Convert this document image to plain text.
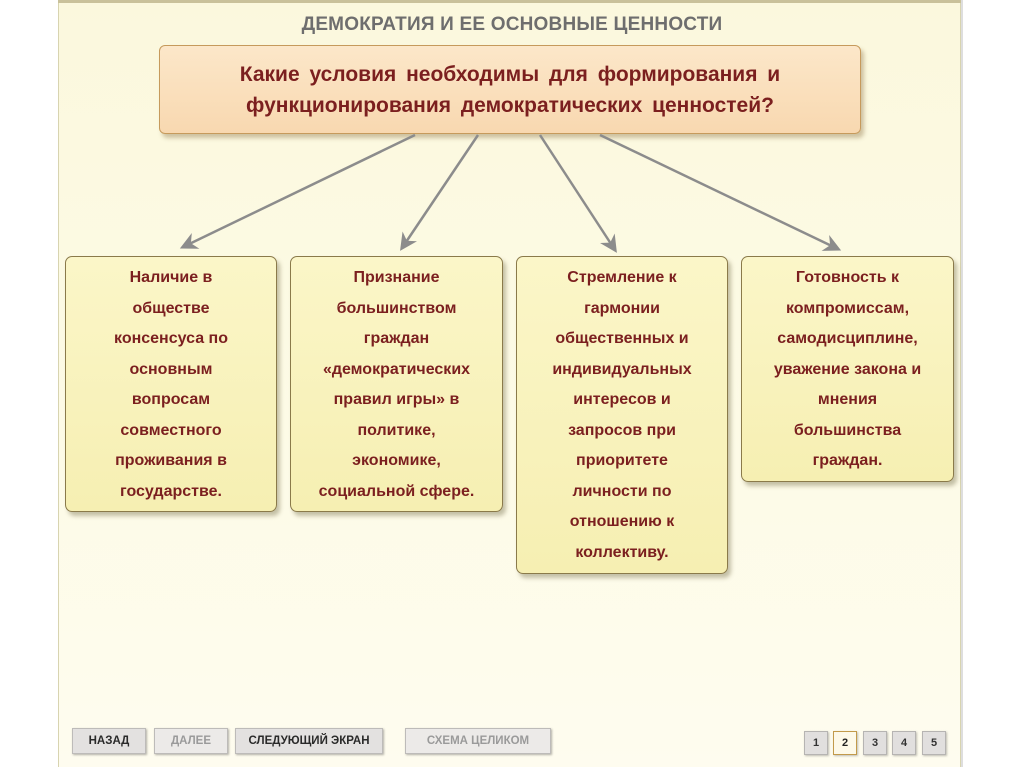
ДЕМОКРАТИЯ И ЕЕ ОСНОВНЫЕ ЦЕННОСТИ
Какие условия необходимы для формирования и
функционирования демократических ценностей?
Наличие в
обществе
консенсуса по
основным
вопросам
совместного
проживания в
государстве.
Признание
большинством
граждан
«демократических
правил игры» в
политике,
экономике,
социальной сфере.
Стремление к
гармонии
общественных и
индивидуальных
интересов и
запросов при
приоритете
личности по
отношению к
коллективу.
Готовность к
компромиссам,
самодисциплине,
уважение закона и
мнения
большинства
граждан.
НАЗАД	ДАЛЕЕ	СЛЕДУЮЩИЙ ЭКРАН	СХЕМА ЦЕЛИКОМ	1	2	3	4	5
